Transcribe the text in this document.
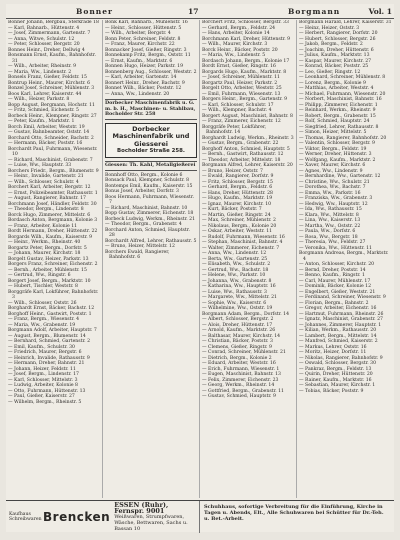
Bonner	17	Borgmann	Vol. 1
Bonner Johann, Bergbau, Sterkrade 18
— Karl, Bahnarb., Hüttenstr. 4
— Josef, Zimmermann, Gartenstr. 7
— Anna, Witwe, Schulstr. 12
— Peter, Schlosser, Bergstr. 20
Bonnes Heinr., Dreher, Dellwig 4
Bonsmann Ernst, Kaufm., Bahnhofstr. 31
— Wilh., Arbeiter, Rheinstr. 9
— Maria, Ww., Lindenstr. 2
Bonsels Franz, Gießer, Feldstr. 15
Bontrup Heinr., Maurer, Kirchstr. 6
Bonzel Josef, Schreiner, Mühlenstr. 3
Boos Karl, Lehrer, Kaiserstr. 44
— Wilh., Heizer, Parkstr. 8
Bopp August, Bergmann, Hochstr. 11
— Fritz, Schmied, Eichenstr. 5
Borbeck Heinr., Klempner, Ringstr. 27
— Peter, Kaufm., Marktstr. 1
Borch Emil, Arbeiter, Weststr. 19
— Gustav, Bahnbeamter, Oststr. 14
Borchard Otto, Schneider, Bachstr. 2
— Hermann, Bäcker, Poststr. 16
Borchardt Paul, Fuhrmann, Wiesenstr. 10
— Richard, Maschinist, Grabenstr. 7
— Luise, Ww., Hauptstr. 33
Borchers Friedr., Bergm., Blumenstr. 9
— Heinr., Invalide, Gartenstr. 21
— Wilh., Schlosser, Schulstr. 4
Borchert Karl, Arbeiter, Bergstr. 12
— Ernst, Polizeibeamter, Rathausstr. 1
— August, Rangierer, Bahnstr. 17
Borchmann Josef, Händler, Feldstr. 30
— Theodor, Bergm., Lindenstr. 8
Borck Hugo, Zimmerer, Mittelstr. 6
Bordasch Anton, Bergmann, Kolonie 3
— Franz, Arbeiter, Kolonie 11
Bordt Hermann, Dreher, Hüttenstr. 22
Borgards Wilh., Kaufm., Kaiserstr. 9
— Heinr., Werkm., Rheinstr. 40
Borgartz Peter, Bergm., Dorfstr. 5
— Johann, Maurer, Kirchstr. 18
Borgelt Gustav, Heizer, Parkstr. 13
Borgers Franz, Schreiner, Eichenstr. 2
— Bernh., Arbeiter, Mühlenstr. 15
— Gertrud, Ww., Ringstr. 6
Borgert Josef, Bergm., Marktstr. 10
— Hubert, Tischler, Weststr. 8
Borggräfe Karl, Lokführer, Bahnhofstr. 3
— Wilh., Schlosser, Oststr. 26
Borghardt Ernst, Bäcker, Bachstr. 12
Borghoff Heinr., Gastwirt, Poststr. 1
— Franz, Bergm., Wiesenstr. 4
— Maria, Ww., Grabenstr. 19
Borgmann Adolf, Arbeiter, Hauptstr. 7
— August, Bergm., Blumenstr. 14
— Bernhard, Schmied, Gartenstr. 2
— Emil, Kaufm., Schulstr. 30
— Friedrich, Maurer, Bergstr. 6
— Heinrich, Invalide, Rathausstr. 9
— Hermann, Dreher, Bahnstr. 21
— Johann, Heizer, Feldstr. 11
— Josef, Bergm., Lindenstr. 17
— Karl, Schlosser, Mittelstr. 3
— Ludwig, Arbeiter, Kolonie 8
— Otto, Fuhrmann, Hüttenstr. 13
— Paul, Gießer, Kaiserstr. 27
— Wilhelm, Bergm., Rheinstr. 5
Bonk Karl, Bahnarb., Mühlenstr. 16
— Heinr., Schlosser, Hüttenstr. 5
— Wilh., Arbeiter, Bergstr. 4
Bonn Peter, Schreiner, Feldstr. 8
— Franz, Maurer, Kirchstr. 22
Bonnacker Josef, Gießer, Ringstr. 3
Bonnekamp Fritz, Bergm., Oststr. 11
— Ernst, Kaufm., Marktstr. 6
Bonnen Hugo, Heizer, Parkstr. 19
Bonnenberg Aug., Schlosser, Weststr. 2
— Karl, Arbeiter, Gartenstr. 14
Bonnert Heinr., Dreher, Bachstr. 9
Bonnet Wilh., Bäcker, Poststr. 12
— Anna, Ww., Lindenstr. 20
Dorbecker Maschinenfabrik u. G. m. b. H., Maschinen- u. Stahlbau, Bocholder Str. 258
Dorbecker Maschinenfabrik und Giesserei
Bocholder Straße 258.
Giessen: Th. Kahl, Metallgießerei
Bonnhoff Otto, Bergm., Kolonie 6
Bonsack Paul, Klempner, Schulstr. 8
Bontemps Emil, Kaufm., Kaiserstr. 15
Bonus Josef, Arbeiter, Dorfstr. 3
Boos Hermann, Fuhrmann, Wiesenstr. 7
— Richard, Maschinist, Bahnstr. 10
Bopp Gustav, Zimmerer, Eichenstr. 18
Borbeck Ludwig, Werkm., Rheinstr. 21
— Theodor, Bergm., Grabenstr. 4
Borchard Anton, Schmied, Hauptstr. 28
Borchardt Alfred, Lehrer, Rathausstr. 5
— Bruno, Heizer, Mittelstr. 12
Borchers Ewald, Rangierer, Bahnhofstr. 6
Borchert Fritz, Schlosser, Bergstr. 33
— Gerhard, Bergm., Feldstr. 24
— Hans, Arbeiter, Kolonie 14
Borchmann Karl, Dreher, Hüttenstr. 9
— Wilh., Maurer, Kirchstr. 3
Borck Heinr., Bäcker, Poststr. 20
— Maria, Ww., Lindenstr. 5
Bordasch Johann, Bergm., Kolonie 17
Bordt Ernst, Gießer, Ringstr. 16
Borgards Hugo, Kaufm., Marktstr. 8
— Josef, Schreiner, Mühlenstr. 11
Borgartz Paul, Heizer, Parkstr. 2
Borgelt Otto, Arbeiter, Weststr. 25
— Emil, Fuhrmann, Wiesenstr. 13
Borgers Heinr., Bergm., Gartenstr. 9
— Karl, Schlosser, Schulstr. 17
— Wilh., Klempner, Bachstr. 4
Borgert August, Maschinist, Bahnstr. 8
— Franz, Zimmerer, Eichenstr. 12
Borggräfe Peter, Lokführer, Bahnhofstr. 14
Borghardt Ludwig, Werkm., Rheinstr. 3
— Gustav, Bergm., Grabenstr. 22
Borghoff Anton, Schmied, Hauptstr. 5
— Bernh., Gastwirt, Rathausstr. 12
— Theodor, Arbeiter, Mittelstr. 18
Borgmann Alfred, Lehrer, Kaiserstr. 20
— Bruno, Heizer, Oststr. 7
— Ewald, Rangierer, Dorfstr. 9
— Fritz, Schlosser, Bergstr. 15
— Gerhard, Bergm., Feldstr. 6
— Hans, Dreher, Hüttenstr. 28
— Hugo, Kaufm., Marktstr. 19
— Ignaz, Maurer, Kirchstr. 10
— Kurt, Bäcker, Poststr. 7
— Martin, Gießer, Ringstr. 24
— Max, Schreiner, Mühlenstr. 2
— Nikolaus, Bergm., Kolonie 20
— Oskar, Arbeiter, Weststr. 11
— Rudolf, Fuhrmann, Wiesenstr. 16
— Stephan, Maschinist, Bahnstr. 4
— Walter, Zimmerer, Eichenstr. 7
— Anna, Ww., Lindenstr. 12
— Berta, Ww., Gartenstr. 25
— Elisabeth, Ww., Schulstr. 2
— Gertrud, Ww., Bachstr. 18
— Helene, Ww., Parkstr. 10
— Johanna, Ww., Grabenstr. 8
— Katharina, Ww., Hauptstr. 16
— Luise, Ww., Rathausstr. 3
— Margarete, Ww., Mittelstr. 21
— Sophie, Ww., Kaiserstr. 6
— Wilhelmine, Ww., Oststr. 19
Borgmann Adam, Bergm., Dorfstr. 14
— Albert, Schlosser, Bergstr. 2
— Alois, Dreher, Hüttenstr. 17
— Arnold, Kaufm., Marktstr. 26
— Balthasar, Maurer, Kirchstr. 14
— Christian, Bäcker, Poststr. 3
— Clemens, Gießer, Ringstr. 9
— Conrad, Schreiner, Mühlenstr. 21
— Dietrich, Bergm., Kolonie 2
— Eduard, Arbeiter, Weststr. 16
— Erich, Fuhrmann, Wiesenstr. 1
— Eugen, Maschinist, Bahnstr. 13
— Felix, Zimmerer, Eichenstr. 23
— Georg, Werkm., Rheinstr. 14
— Gottfried, Bergm., Grabenstr. 11
— Gustav, Schmied, Hauptstr. 9
Borgmann Harald, Lehrer, Kaiserstr. 31
— Heinz, Heizer, Oststr. 3
— Herbert, Rangierer, Dorfstr. 20
— Hubert, Schlosser, Bergstr. 26
— Jakob, Bergm., Feldstr. 2
— Joachim, Dreher, Hüttenstr. 6
— Julius, Kaufm., Marktstr. 13
— Kaspar, Maurer, Kirchstr. 27
— Konrad, Bäcker, Poststr. 25
— Leo, Gießer, Ringstr. 12
— Leonhard, Schreiner, Mühlenstr. 8
— Lorenz, Bergm., Kolonie 9
— Matthias, Arbeiter, Weststr. 4
— Michael, Fuhrmann, Wiesenstr. 20
— Norbert, Maschinist, Bahnstr. 16
— Philipp, Zimmerer, Eichenstr. 1
— Reinhard, Werkm., Rheinstr. 9
— Robert, Bergm., Grabenstr. 15
— Rolf, Schmied, Hauptstr. 24
— Siegfried, Lehrer, Rathausstr. 8
— Simon, Heizer, Mittelstr. 5
— Thomas, Rangierer, Bahnhofstr. 20
— Valentin, Schlosser, Bergstr. 9
— Viktor, Bergm., Feldstr. 19
— Werner, Dreher, Hüttenstr. 3
— Wolfgang, Kaufm., Marktstr. 2
— Xaver, Maurer, Kirchstr. 6
— Agnes, Ww., Lindenstr. 9
— Bernhardine, Ww., Gartenstr. 12
— Christine, Ww., Schulstr. 21
— Dorothea, Ww., Bachstr. 7
— Emma, Ww., Parkstr. 16
— Franziska, Ww., Grabenstr. 3
— Hedwig, Ww., Hauptstr. 12
— Ida, Ww., Rathausstr. 15
— Klara, Ww., Mittelstr. 8
— Lina, Ww., Kaiserstr. 13
— Martha, Ww., Oststr. 22
— Paula, Ww., Dorfstr. 6
— Rosa, Ww., Bergstr. 18
— Theresia, Ww., Feldstr. 27
— Veronika, Ww., Hüttenstr. 11
Borgmann Andreas, Bergm., Marktstr. 4
— Anton, Schlosser, Kirchstr. 20
— Bernd, Dreher, Poststr. 14
— Benno, Kaufm., Ringstr. 1
— Carl, Maurer, Mühlenstr. 17
— Dominik, Bäcker, Kolonie 12
— Engelbert, Gießer, Weststr. 21
— Ferdinand, Schreiner, Wiesenstr. 9
— Florian, Bergm., Bahnstr. 2
— Gregor, Arbeiter, Eichenstr. 16
— Hartmut, Fuhrmann, Rheinstr. 26
— Ignatz, Maschinist, Grabenstr. 27
— Johannes, Zimmerer, Hauptstr. 1
— Kilian, Werkm., Rathausstr. 20
— Lambert, Bergm., Mittelstr. 14
— Manfred, Schmied, Kaiserstr. 2
— Markus, Lehrer, Oststr. 16
— Moritz, Heizer, Dorfstr. 11
— Nikolas, Rangierer, Bahnhofstr. 9
— Oswald, Schlosser, Bergstr. 30
— Pankraz, Bergm., Feldstr. 13
— Quirin, Dreher, Hüttenstr. 20
— Rainer, Kaufm., Marktstr. 16
— Sebastian, Maurer, Kirchstr. 1
— Tobias, Bäcker, Poststr. 9
Kaufhaus Schreibwaren Brencken
ESSEN (Ruhr), Fernspr. 9001
Weißwaren, Strumpfwaren, Wäsche, Bettwaren, Sachs u. Bassan 10
Schuhhaus, sofortige Verbreitung für die Einführung, Kirche in Tagen u. Abends, Elt., Alle Schuhwaren bei Schütter für Dr.-Teh. u. Bet.-Arbeit.
